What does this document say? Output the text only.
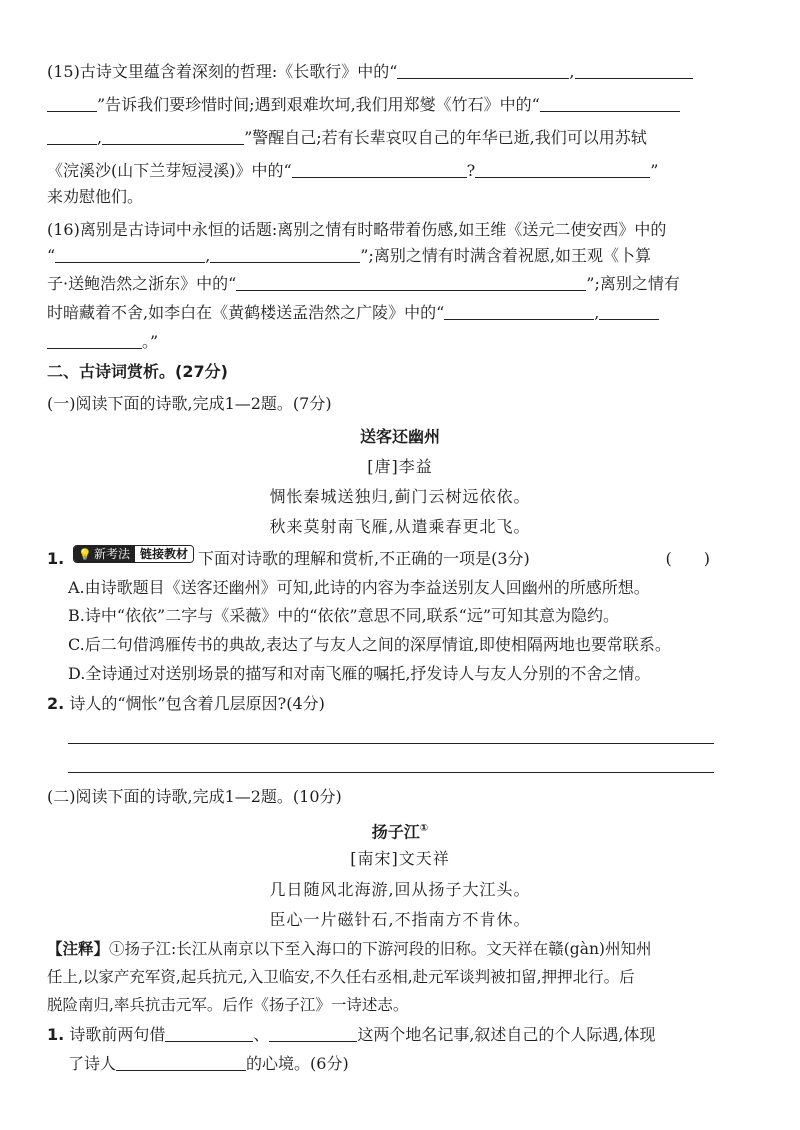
(15)古诗文里蕴含着深刻的哲理:《长歌行》中的“	,
”告诉我们要珍惜时间;遇到艰难坎坷,我们用郑燮《竹石》中的“
,	”警醒自己;若有长辈哀叹自己的年华已逝,我们可以用苏轼
《浣溪沙(山下兰芽短浸溪)》中的“	?	”
来劝慰他们。
(16)离别是古诗词中永恒的话题:离别之情有时略带着伤感,如王维《送元二使安西》中的
“	,	”;离别之情有时满含着祝愿,如王观《卜算
子·送鲍浩然之浙东》中的“	”;离别之情有
时暗藏着不舍,如李白在《黄鹤楼送孟浩然之广陵》中的“	,
。”
二、古诗词赏析。(27分)
(一)阅读下面的诗歌,完成1—2题。(7分)
送客还幽州
[唐]李益
惆怅秦城送独归,蓟门云树远依依。
秋来莫射南飞雁,从遣乘春更北飞。
1. 💡 新考法 链接教材 下面对诗歌的理解和赏析,不正确的一项是(3分)	(　　)
A.由诗歌题目《送客还幽州》可知,此诗的内容为李益送别友人回幽州的所感所想。
B.诗中“依依”二字与《采薇》中的“依依”意思不同,联系“远”可知其意为隐约。
C.后二句借鸿雁传书的典故,表达了与友人之间的深厚情谊,即使相隔两地也要常联系。
D.全诗通过对送别场景的描写和对南飞雁的嘱托,抒发诗人与友人分别的不舍之情。
2. 诗人的“惆怅”包含着几层原因?(4分)
(二)阅读下面的诗歌,完成1—2题。(10分)
扬子江①
[南宋]文天祥
几日随风北海游,回从扬子大江头。
臣心一片磁针石,不指南方不肯休。
【注释】①扬子江:长江从南京以下至入海口的下游河段的旧称。文天祥在赣(gàn)州知州
任上,以家产充军资,起兵抗元,入卫临安,不久任右丞相,赴元军谈判被扣留,押押北行。后
脱险南归,率兵抗击元军。后作《扬子江》一诗述志。
1. 诗歌前两句借	、	这两个地名记事,叙述自己的个人际遇,体现
了诗人	的心境。(6分)
